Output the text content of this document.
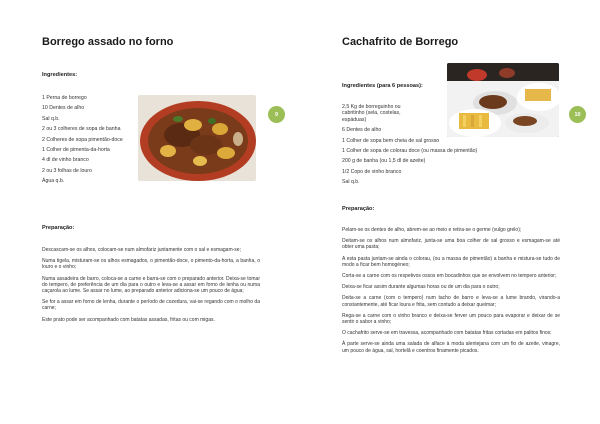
Borrego assado no forno
Ingredientes:
1 Perna de borrego
10 Dentes de alho
Sal q.b.
2 ou 3 colheres de sopa de banha
2 Colheres de sopa pimentão-doce
1 Colher de pimenta-da-horta
4 dl de vinho branco
2 ou 3 folhas de louro
Água q.b.
9
Preparação:

Descascam-se os alhos, colocam-se num almofariz juntamente com o sal e esmagam-se;

Numa tigela, misturam-se os alhos esmagados, o pimentão-doce, o pimento-da-horta, a banha, o louro e o vinho;

Numa assadeira de barro, coloca-se a carne e barra-se com o preparado anterior. Deixa-se tomar do tempero, de preferência de um dia para o outro e leva-se a assar em forno de lenha ou numa caçarola ao lume. Se assar no lume, ao preparado anterior adiciona-se um pouco de água;

Se for a assar em forno de lenha, durante o período de cozedura, vai-se regando com o molho da carne;

Este prato pode ser acompanhado com batatas assadas, fritas ou com migas.

Cachafrito de Borrego
Ingredientes (para 6 pessoas):
2,5 Kg de borreguinho ou cabritinho (sela, costelas, espáduas)
6 Dentes de alho
1 Colher de sopa bem cheia de sal grosso
1 Colher de sopa de colorau doce (ou massa de pimentão)
200 g de banha (ou 1,5 dl de azeite)
1/2 Copo de vinho branco
Sal q.b.
10
Preparação:

Pelam-se os dentes de alho, abrem-se ao meio e retira-se o germe (vulgo grelo);

Deitam-se os alhos num almofariz, junta-se uma boa colher de sal grosso e esmagam-se até obter uma pasta;

A esta pasta juntam-se ainda o colorau, (ou a massa de pimentão) a banha e mistura-se tudo de modo a ficar bem homogéneo;

Corta-se a carne com os respetivos ossos em bocadinhos que se envolvem no tempero anterior;

Deixa-se ficar assim durante algumas horas ou de um dia para o outro;

Deita-se a carne (com o tempero) num tacho de barro e leva-se a lume brando, virando-a constantemente, até ficar loura e frita, sem contudo a deixar queimar;

Rega-se a carne com o vinho branco e deixa-se ferver um pouco para evaporar e deixar de se sentir o sabor a vinho;

O cachafrito serve-se em travessa, acompanhado com batatas fritas cortadas em palitos finos;

À parte serve-se ainda uma salada de alface à moda alentejana com um fio de azeite, vinagre, um pouco de água, sal, hortelã e coentros finamente picados.
